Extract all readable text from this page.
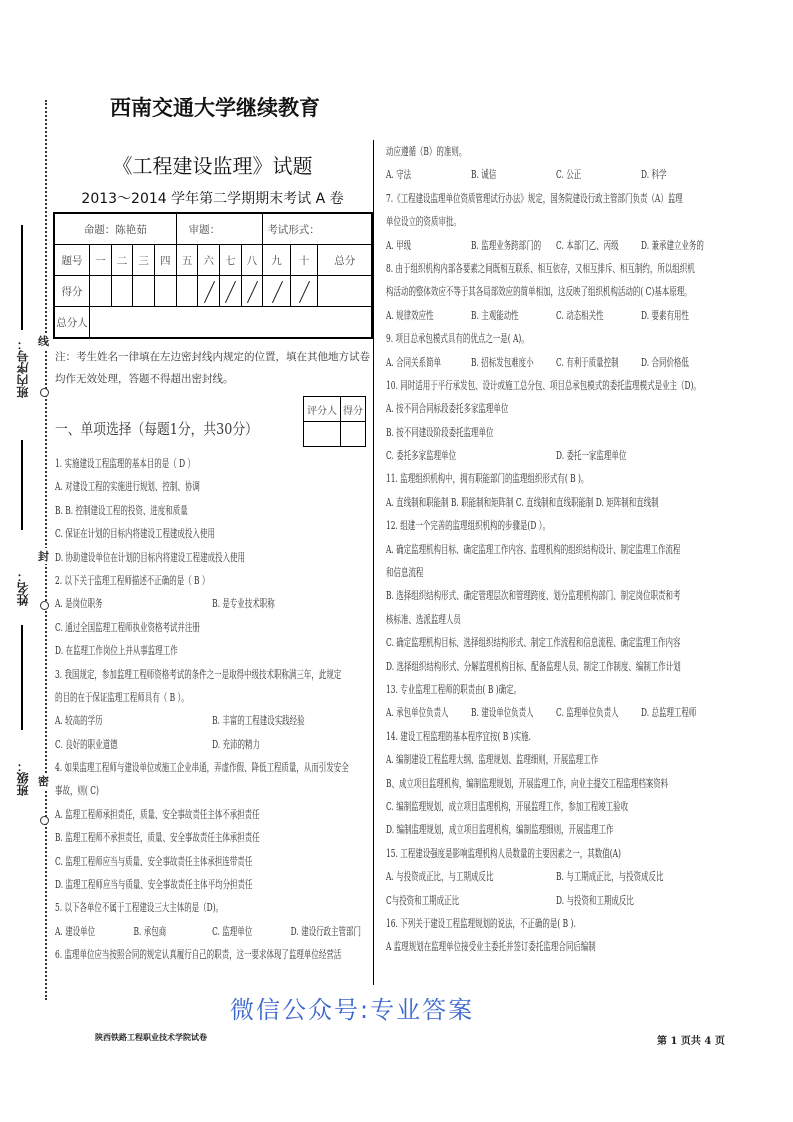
线
封
密
班内序号：
姓名：
班级：
西南交通大学继续教育
《工程建设监理》试题
2013～2014 学年第二学期期末考试 A 卷
命题：陈艳茹					审题：				考试形式：		
题号	一	二	三	四	五	六	七	八	九	十	总分
得分											
总分人											
注：考生姓名一律填在左边密封线内规定的位置，填在其他地方试卷均作无效处理，答题不得超出密封线。
一、单项选择（每题1分，共30分）
评分人	得分

1. 实施建设工程监理的基本目的是（ D ）
A. 对建设工程的实施进行规划、控制、协调
B. B. 控制建设工程的投资、进度和质量
C. 保证在计划的目标内将建设工程建成投入使用
D. 协助建设单位在计划的目标内将建设工程建成投入使用
2. 以下关于监理工程师描述不正确的是（ B ）
A. 是岗位职务	B. 是专业技术职称
C. 通过全国监理工程师执业资格考试并注册
D. 在监理工作岗位上并从事监理工作
3. 我国规定，参加监理工程师资格考试的条件之一是取得中级技术职称满三年，此规定
的目的在于保证监理工程师具有（ B ）。
A. 较高的学历	B. 丰富的工程建设实践经验
C. 良好的职业道德	D. 充沛的精力
4. 如果监理工程师与建设单位或施工企业串通，弄虚作假、降低工程质量，从而引发安全
事故，则( C)
A. 监理工程师承担责任，质量、安全事故责任主体不承担责任
B. 监理工程师不承担责任，质量、安全事故责任主体承担责任
C. 监理工程师应当与质量、安全事故责任主体承担连带责任
D. 监理工程师应当与质量、安全事故责任主体平均分担责任
5. 以下各单位不属于工程建设三大主体的是（D)。
A. 建设单位	B. 承包商	C. 监理单位	D. 建设行政主管部门
6. 监理单位应当按照合同的规定认真履行自己的职责，这一要求体现了监理单位经营活
动应遵循（B）的准则。
A. 守法	B. 诚信	C. 公正	D. 科学
7.《工程建设监理单位资质管理试行办法》规定，国务院建设行政主管部门负责（A）监理
单位设立的资质审批。
A. 甲级	B. 监理业务跨部门的	C. 本部门乙、丙级	D. 兼承建立业务的
8. 由于组织机构内部各要素之间既相互联系、相互依存，又相互排斥、相互制约，所以组织机
构活动的整体效应不等于其各局部效应的简单相加，这反映了组织机构活动的( C)基本原理。
A. 规律效应性	B. 主观能动性	C. 动态相关性	D. 要素有用性
9. 项目总承包模式具有的优点之一是( A)。
A. 合同关系简单	B. 招标发包难度小	C. 有利于质量控制	D. 合同价格低
10. 同时适用于平行承发包、设计或施工总分包、项目总承包模式的委托监理模式是业主（D)。
A. 按不同合同标段委托多家监理单位
B. 按不同建设阶段委托监理单位
C. 委托多家监理单位	D. 委托一家监理单位
11. 监理组织机构中，拥有职能部门的监理组织形式有( B )。
A. 直线制和职能制 B. 职能制和矩阵制 C. 直线制和直线职能制 D. 矩阵制和直线制
12. 组建一个完善的监理组织机构的步骤是(D ）。
A. 确定监理机构目标、确定监理工作内容、监理机构的组织结构设计、制定监理工作流程
和信息流程
B. 选择组织结构形式、确定管理层次和管理跨度、划分监理机构部门、制定岗位职责和考
核标准、选派监理人员
C. 确定监理机构目标、选择组织结构形式、制定工作流程和信息流程、确定监理工作内容
D. 选择组织结构形式、分解监理机构目标、配备监理人员、制定工作制度、编制工作计划
13. 专业监理工程师的职责由( B )确定。
A. 承包单位负责人	B. 建设单位负责人	C. 监理单位负责人	D. 总监理工程师
14. 建设工程监理的基本程序宜按( B )实施.
A. 编制建设工程监理大纲、监理规划、监理细则，开展监理工作
B、成立项目监理机构，编制监理规划，开展监理工作，向业主提交工程监理档案资料
C. 编制监理规划，成立项目监理机构，开展监理工作，参加工程竣工验收
D. 编制监理规划，成立项目监理机构，编制监理细则，开展监理工作
15. 工程建设强度是影响监理机构人员数量的主要因素之一，其数值(A)
A. 与投资成正比，与工期成反比	B. 与工期成正比，与投资成反比
C与投资和工期成正比	D. 与投资和工期成反比
16. 下列关于建设工程监理规划的说法，不正确的是( B ).
A 监理规划在监理单位接受业主委托并签订委托监理合同后编制
微信公众号:专业答案
陕西铁路工程职业技术学院试卷	第 1 页共 4 页
